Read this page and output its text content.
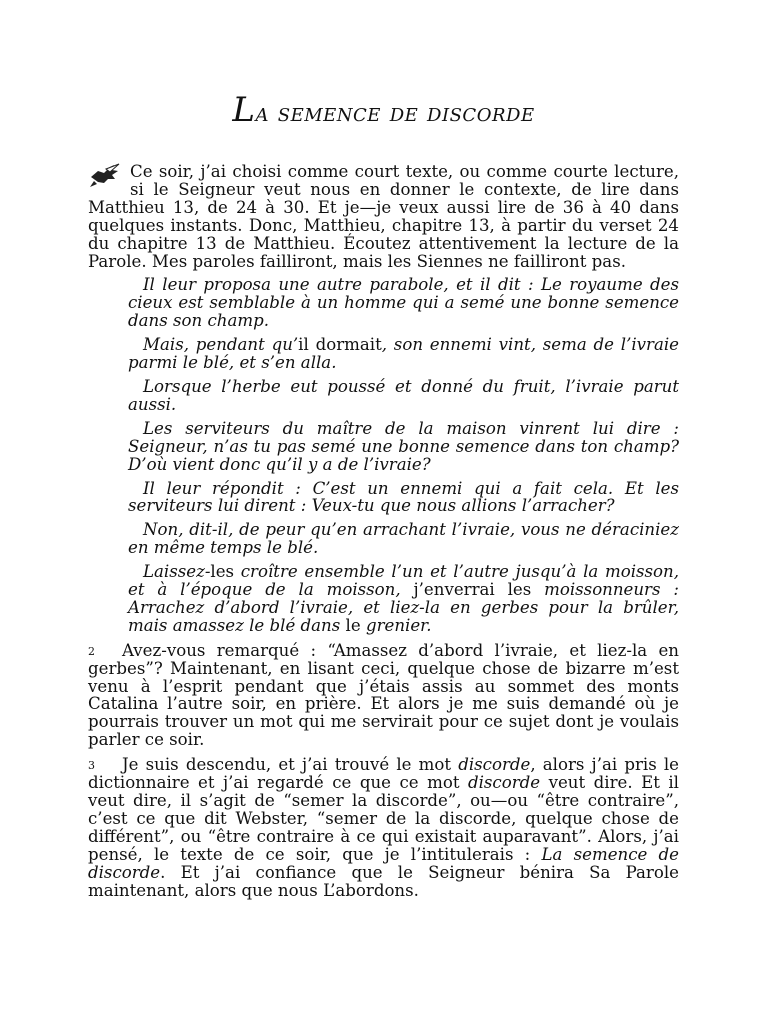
La semence de discorde

Ce soir, j’ai choisi comme court texte, ou comme courte lecture, si le Seigneur veut nous en donner le contexte, de lire dans Matthieu 13, de 24 à 30. Et je—je veux aussi lire de 36 à 40 dans quelques instants. Donc, Matthieu, chapitre 13, à partir du verset 24 du chapitre 13 de Matthieu. Écoutez attentivement la lecture de la Parole. Mes paroles failliront, mais les Siennes ne failliront pas.

Il leur proposa une autre parabole, et il dit : Le royaume des cieux est semblable à un homme qui a semé une bonne semence dans son champ.

Mais, pendant qu’il dormait, son ennemi vint, sema de l’ivraie parmi le blé, et s’en alla.

Lorsque l’herbe eut poussé et donné du fruit, l’ivraie parut aussi.

Les serviteurs du maître de la maison vinrent lui dire : Seigneur, n’as tu pas semé une bonne semence dans ton champ? D’où vient donc qu’il y a de l’ivraie?

Il leur répondit : C’est un ennemi qui a fait cela. Et les serviteurs lui dirent : Veux-tu que nous allions l’arracher?

Non, dit-il, de peur qu’en arrachant l’ivraie, vous ne déraciniez en même temps le blé.

Laissez-les croître ensemble l’un et l’autre jusqu’à la moisson, et à l’époque de la moisson, j’enverrai les moissonneurs : Arrachez d’abord l’ivraie, et liez-la en gerbes pour la brûler, mais amassez le blé dans le grenier.

2 Avez-vous remarqué : “Amassez d’abord l’ivraie, et liez-la en gerbes”? Maintenant, en lisant ceci, quelque chose de bizarre m’est venu à l’esprit pendant que j’étais assis au sommet des monts Catalina l’autre soir, en prière. Et alors je me suis demandé où je pourrais trouver un mot qui me servirait pour ce sujet dont je voulais parler ce soir.

3 Je suis descendu, et j’ai trouvé le mot discorde, alors j’ai pris le dictionnaire et j’ai regardé ce que ce mot discorde veut dire. Et il veut dire, il s’agit de “semer la discorde”, ou—ou “être contraire”, c’est ce que dit Webster, “semer de la discorde, quelque chose de différent”, ou “être contraire à ce qui existait auparavant”. Alors, j’ai pensé, le texte de ce soir, que je l’intitulerais : La semence de discorde. Et j’ai confiance que le Seigneur bénira Sa Parole maintenant, alors que nous L’abordons.
